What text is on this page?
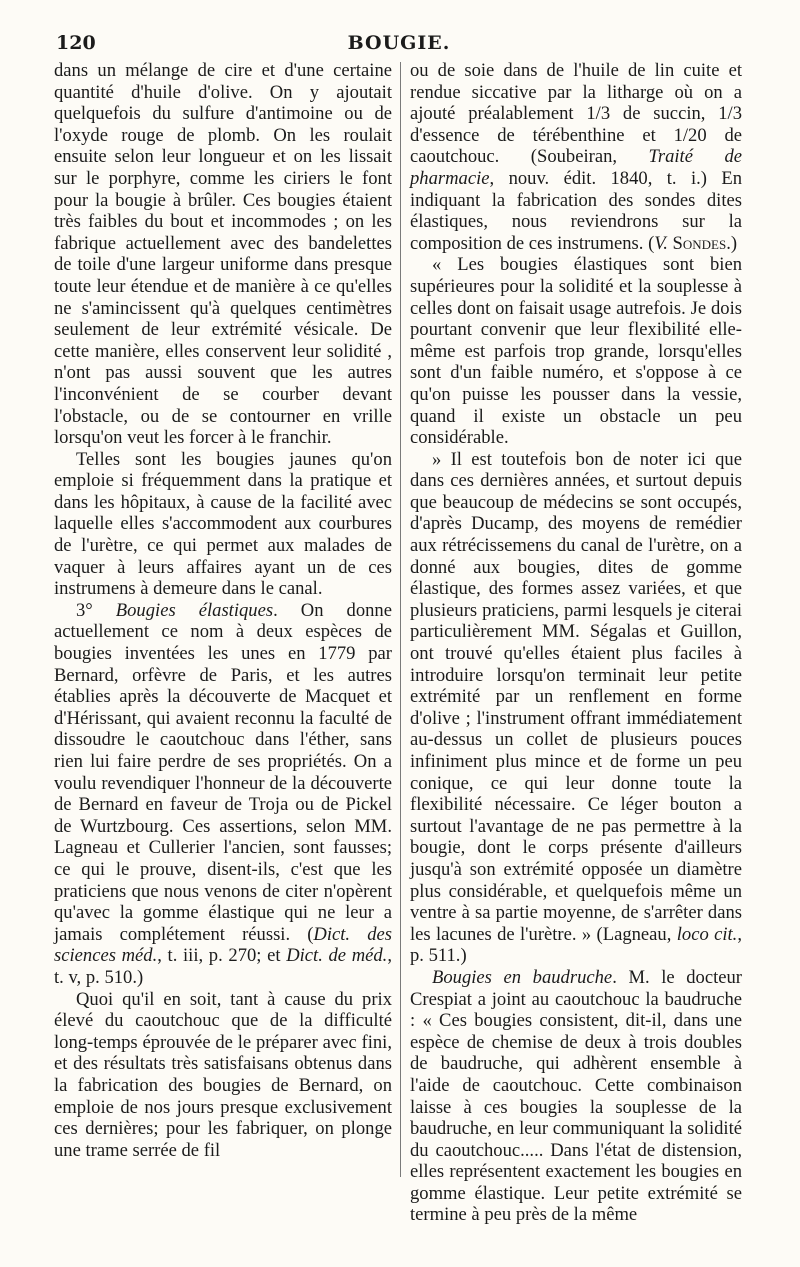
120	BOUGIE.

dans un mélange de cire et d'une certaine quantité d'huile d'olive. On y ajoutait quelquefois du sulfure d'antimoine ou de l'oxyde rouge de plomb. On les roulait ensuite selon leur longueur et on les lissait sur le porphyre, comme les ciriers le font pour la bougie à brûler. Ces bougies étaient très faibles du bout et incommodes ; on les fabrique actuellement avec des bandelettes de toile d'une largeur uniforme dans presque toute leur étendue et de manière à ce qu'elles ne s'amincissent qu'à quelques centimètres seulement de leur extrémité vésicale. De cette manière, elles conservent leur solidité , n'ont pas aussi souvent que les autres l'inconvénient de se courber devant l'obstacle, ou de se contourner en vrille lorsqu'on veut les forcer à le franchir.

Telles sont les bougies jaunes qu'on emploie si fréquemment dans la pratique et dans les hôpitaux, à cause de la facilité avec laquelle elles s'accommodent aux courbures de l'urètre, ce qui permet aux malades de vaquer à leurs affaires ayant un de ces instrumens à demeure dans le canal.

3° Bougies élastiques. On donne actuellement ce nom à deux espèces de bougies inventées les unes en 1779 par Bernard, orfèvre de Paris, et les autres établies après la découverte de Macquet et d'Hérissant, qui avaient reconnu la faculté de dissoudre le caoutchouc dans l'éther, sans rien lui faire perdre de ses propriétés. On a voulu revendiquer l'honneur de la découverte de Bernard en faveur de Troja ou de Pickel de Wurtzbourg. Ces assertions, selon MM. Lagneau et Cullerier l'ancien, sont fausses; ce qui le prouve, disent-ils, c'est que les praticiens que nous venons de citer n'opèrent qu'avec la gomme élastique qui ne leur a jamais complétement réussi. (Dict. des sciences méd., t. iii, p. 270; et Dict. de méd., t. v, p. 510.)

Quoi qu'il en soit, tant à cause du prix élevé du caoutchouc que de la difficulté long-temps éprouvée de le préparer avec fini, et des résultats très satisfaisans obtenus dans la fabrication des bougies de Bernard, on emploie de nos jours presque exclusivement ces dernières; pour les fabriquer, on plonge une trame serrée de fil

ou de soie dans de l'huile de lin cuite et rendue siccative par la litharge où on a ajouté préalablement 1/3 de succin, 1/3 d'essence de térébenthine et 1/20 de caoutchouc. (Soubeiran, Traité de pharmacie, nouv. édit. 1840, t. i.) En indiquant la fabrication des sondes dites élastiques, nous reviendrons sur la composition de ces instrumens. (V. Sondes.)

« Les bougies élastiques sont bien supérieures pour la solidité et la souplesse à celles dont on faisait usage autrefois. Je dois pourtant convenir que leur flexibilité elle-même est parfois trop grande, lorsqu'elles sont d'un faible numéro, et s'oppose à ce qu'on puisse les pousser dans la vessie, quand il existe un obstacle un peu considérable.

» Il est toutefois bon de noter ici que dans ces dernières années, et surtout depuis que beaucoup de médecins se sont occupés, d'après Ducamp, des moyens de remédier aux rétrécissemens du canal de l'urètre, on a donné aux bougies, dites de gomme élastique, des formes assez variées, et que plusieurs praticiens, parmi lesquels je citerai particulièrement MM. Ségalas et Guillon, ont trouvé qu'elles étaient plus faciles à introduire lorsqu'on terminait leur petite extrémité par un renflement en forme d'olive ; l'instrument offrant immédiatement au-dessus un collet de plusieurs pouces infiniment plus mince et de forme un peu conique, ce qui leur donne toute la flexibilité nécessaire. Ce léger bouton a surtout l'avantage de ne pas permettre à la bougie, dont le corps présente d'ailleurs jusqu'à son extrémité opposée un diamètre plus considérable, et quelquefois même un ventre à sa partie moyenne, de s'arrêter dans les lacunes de l'urètre. » (Lagneau, loco cit., p. 511.)

Bougies en baudruche. M. le docteur Crespiat a joint au caoutchouc la baudruche : « Ces bougies consistent, dit-il, dans une espèce de chemise de deux à trois doubles de baudruche, qui adhèrent ensemble à l'aide de caoutchouc. Cette combinaison laisse à ces bougies la souplesse de la baudruche, en leur communiquant la solidité du caoutchouc..... Dans l'état de distension, elles représentent exactement les bougies en gomme élastique. Leur petite extrémité se termine à peu près de la même
